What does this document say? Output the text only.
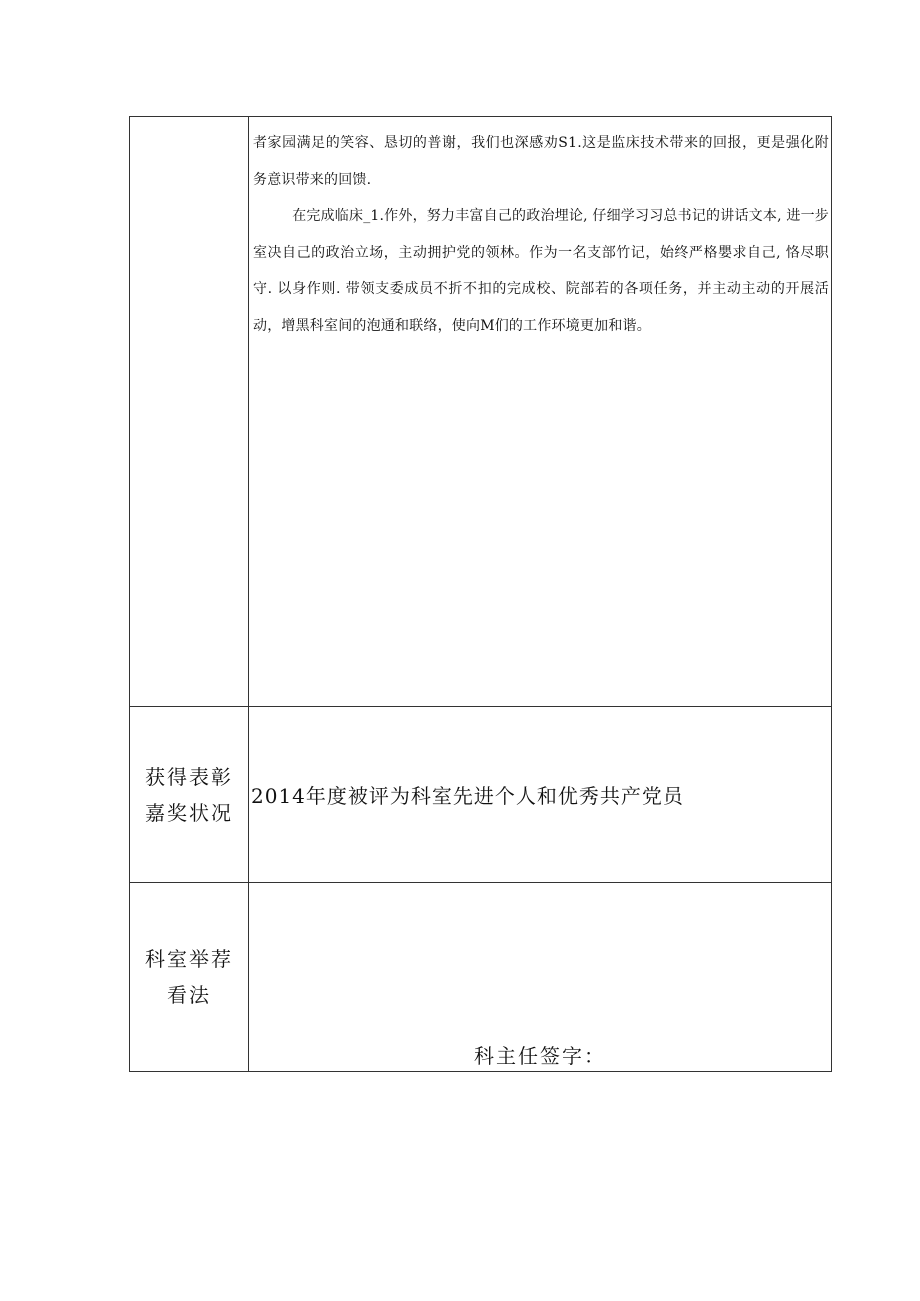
	者家园满足的笑容、恳切的普谢，我们也深感劝S1.这是监床技术带来的回报，更是强化附务意识带来的回馈.

在完成临床_1.作外，努力丰富自己的政治埋论, 仔细学习习总书记的讲话文本, 进一步室决自己的政治立场，主动拥护党的领林。作为一名支部竹记，始终严格嬰求自己, 恪尽职守. 以身作则. 带领支委成员不折不扣的完成校、院部若的各项任务，并主动主动的开展活动，增黑科室间的泡通和联络，使向M们的工作环境更加和谐。

获得表彰
嘉奖状况	2014年度被评为科室先进个人和优秀共产党员

科室举荐
看法	科主任签字：
